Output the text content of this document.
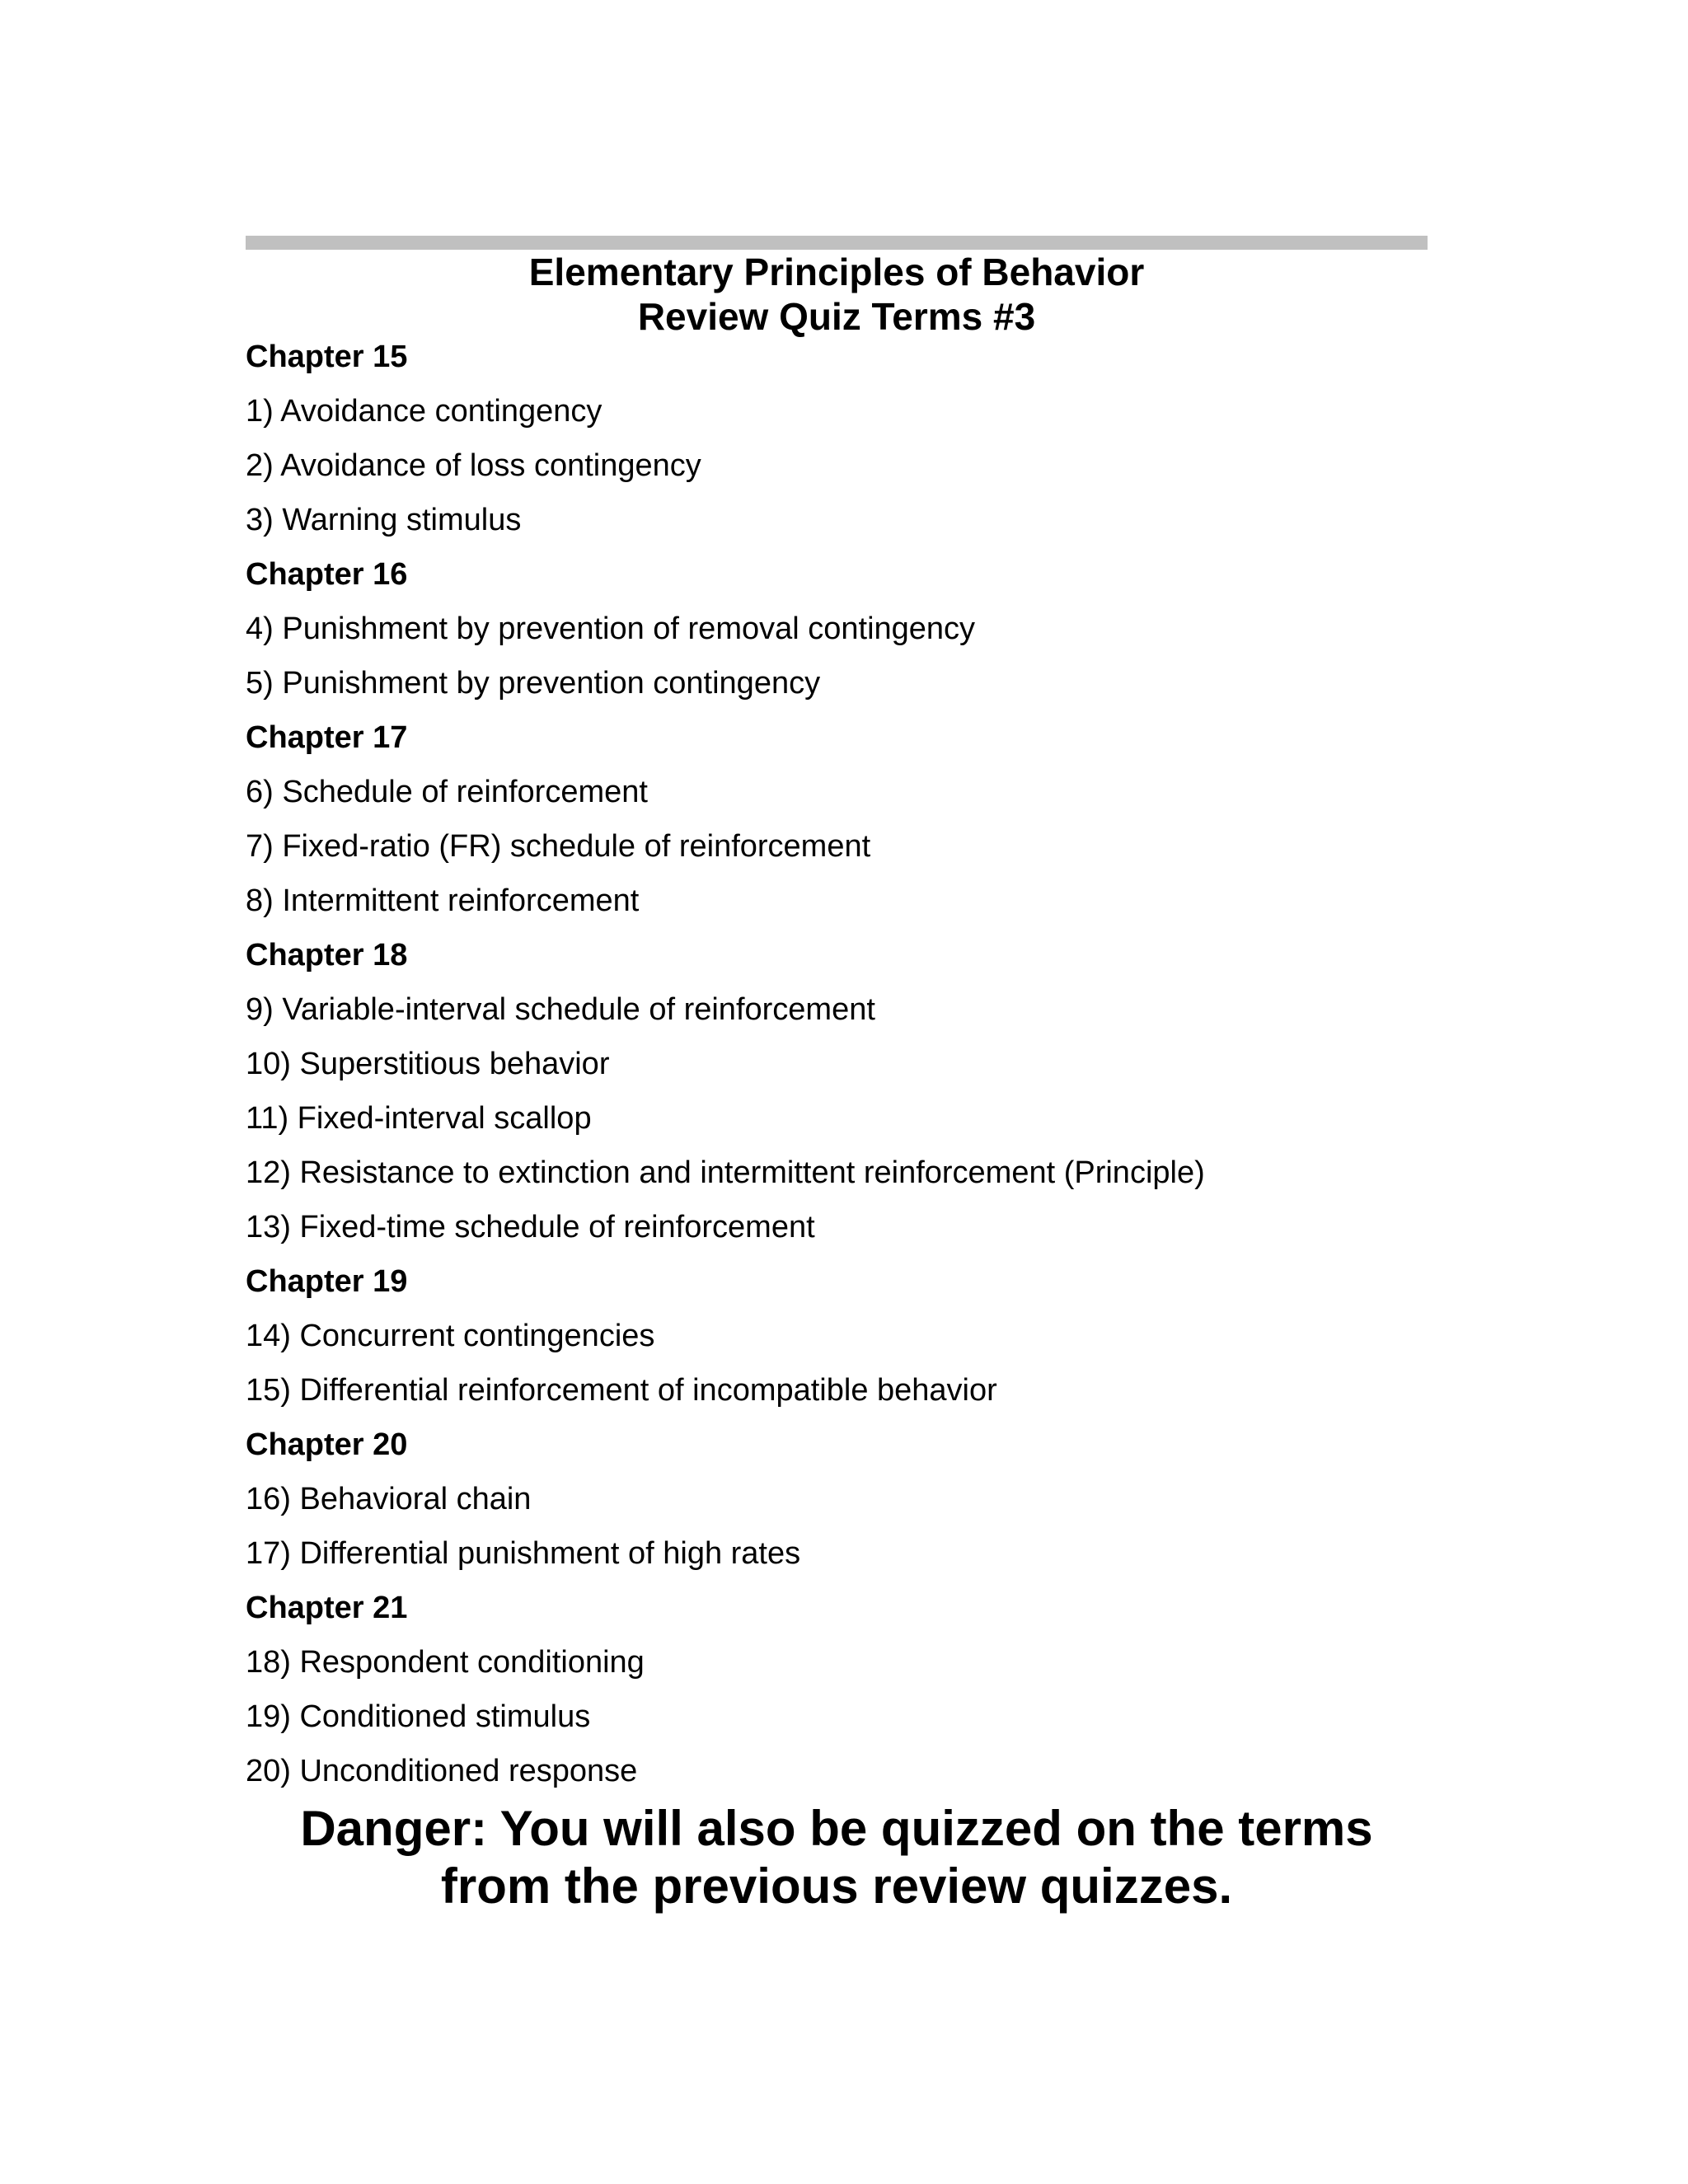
Elementary Principles of Behavior
Review Quiz Terms #3
Chapter 15
1) Avoidance contingency
2) Avoidance of loss contingency
3) Warning stimulus
Chapter 16
4) Punishment by prevention of removal contingency
5) Punishment by prevention contingency
Chapter 17
6) Schedule of reinforcement
7) Fixed-ratio (FR) schedule of reinforcement
8) Intermittent reinforcement
Chapter 18
9) Variable-interval schedule of reinforcement
10) Superstitious behavior
11) Fixed-interval scallop
12) Resistance to extinction and intermittent reinforcement (Principle)
13) Fixed-time schedule of reinforcement
Chapter 19
14) Concurrent contingencies
15) Differential reinforcement of incompatible behavior
Chapter 20
16) Behavioral chain
17) Differential punishment of high rates
Chapter 21
18) Respondent conditioning
19) Conditioned stimulus
20) Unconditioned response
Danger: You will also be quizzed on the terms
from the previous review quizzes.
